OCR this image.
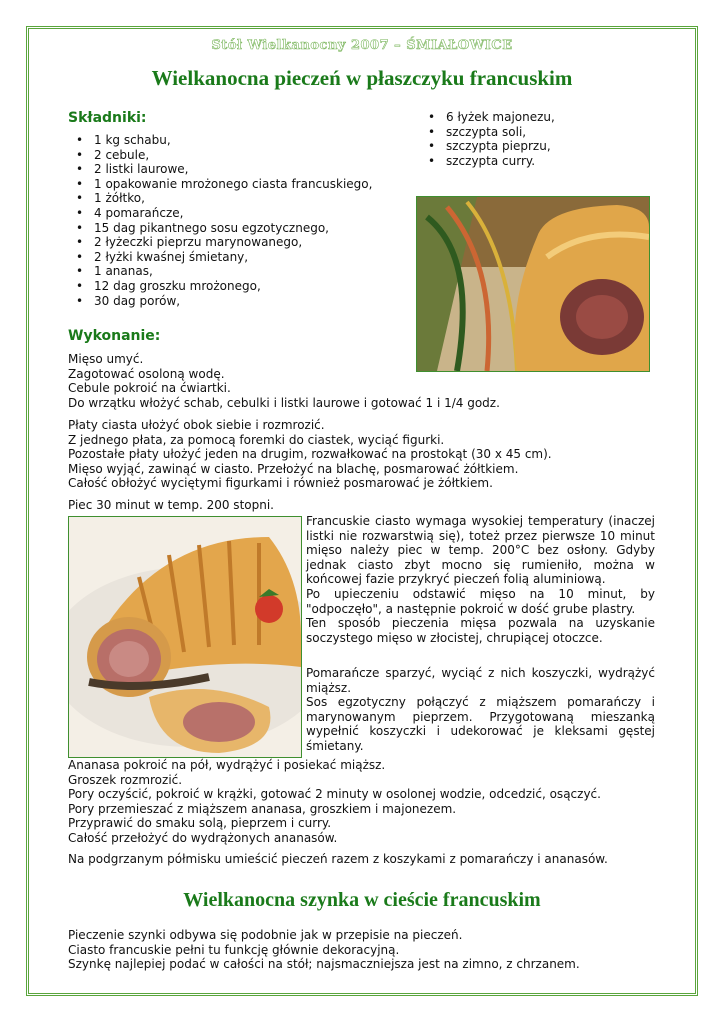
Stół Wielkanocny 2007 – ŚMIAŁOWICE
Wielkanocna pieczeń w płaszczyku francuskim
Składniki:
• 1 kg schabu,
• 2 cebule,
• 2 listki laurowe,
• 1 opakowanie mrożonego ciasta francuskiego,
• 1 żółtko,
• 4 pomarańcze,
• 15 dag pikantnego sosu egzotycznego,
• 2 łyżeczki pieprzu marynowanego,
• 2 łyżki kwaśnej śmietany,
• 1 ananas,
• 12 dag groszku mrożonego,
• 30 dag porów,
• 6 łyżek majonezu,
• szczypta soli,
• szczypta pieprzu,
• szczypta curry.
Wykonanie:
Mięso umyć.
Zagotować osoloną wodę.
Cebule pokroić na ćwiartki.
Do wrzątku włożyć schab, cebulki i listki laurowe i gotować 1 i 1/4 godz.
Płaty ciasta ułożyć obok siebie i rozmrozić.
Z jednego płata, za pomocą foremki do ciastek, wyciąć figurki.
Pozostałe płaty ułożyć jeden na drugim, rozwałkować na prostokąt (30 x 45 cm).
Mięso wyjąć, zawinąć w ciasto. Przełożyć na blachę, posmarować żółtkiem.
Całość obłożyć wyciętymi figurkami i również posmarować je żółtkiem.
Piec 30 minut w temp. 200 stopni.
Francuskie ciasto wymaga wysokiej temperatury (inaczej listki nie rozwarstwią się), toteż przez pierwsze 10 minut mięso należy piec w temp. 200°C bez osłony. Gdyby jednak ciasto zbyt mocno się rumieniło, można w końcowej fazie przykryć pieczeń folią aluminiową.
Po upieczeniu odstawić mięso na 10 minut, by "odpoczęło", a następnie pokroić w dość grube plastry.
Ten sposób pieczenia mięsa pozwala na uzyskanie soczystego mięso w złocistej, chrupiącej otoczce.
Pomarańcze sparzyć, wyciąć z nich koszyczki, wydrążyć miąższ.
Sos egzotyczny połączyć z miąższem pomarańczy i marynowanym pieprzem. Przygotowaną mieszanką wypełnić koszyczki i udekorować je kleksami gęstej śmietany.
Ananasa pokroić na pół, wydrążyć i posiekać miąższ.
Groszek rozmrozić.
Pory oczyścić, pokroić w krążki, gotować 2 minuty w osolonej wodzie, odcedzić, osączyć.
Pory przemieszać z miąższem ananasa, groszkiem i majonezem.
Przyprawić do smaku solą, pieprzem i curry.
Całość przełożyć do wydrążonych ananasów.
Na podgrzanym półmisku umieścić pieczeń razem z koszykami z pomarańczy i ananasów.
Wielkanocna szynka w cieście francuskim
Pieczenie szynki odbywa się podobnie jak w przepisie na pieczeń.
Ciasto francuskie pełni tu funkcję głównie dekoracyjną.
Szynkę najlepiej podać w całości na stół; najsmaczniejsza jest na zimno, z chrzanem.
